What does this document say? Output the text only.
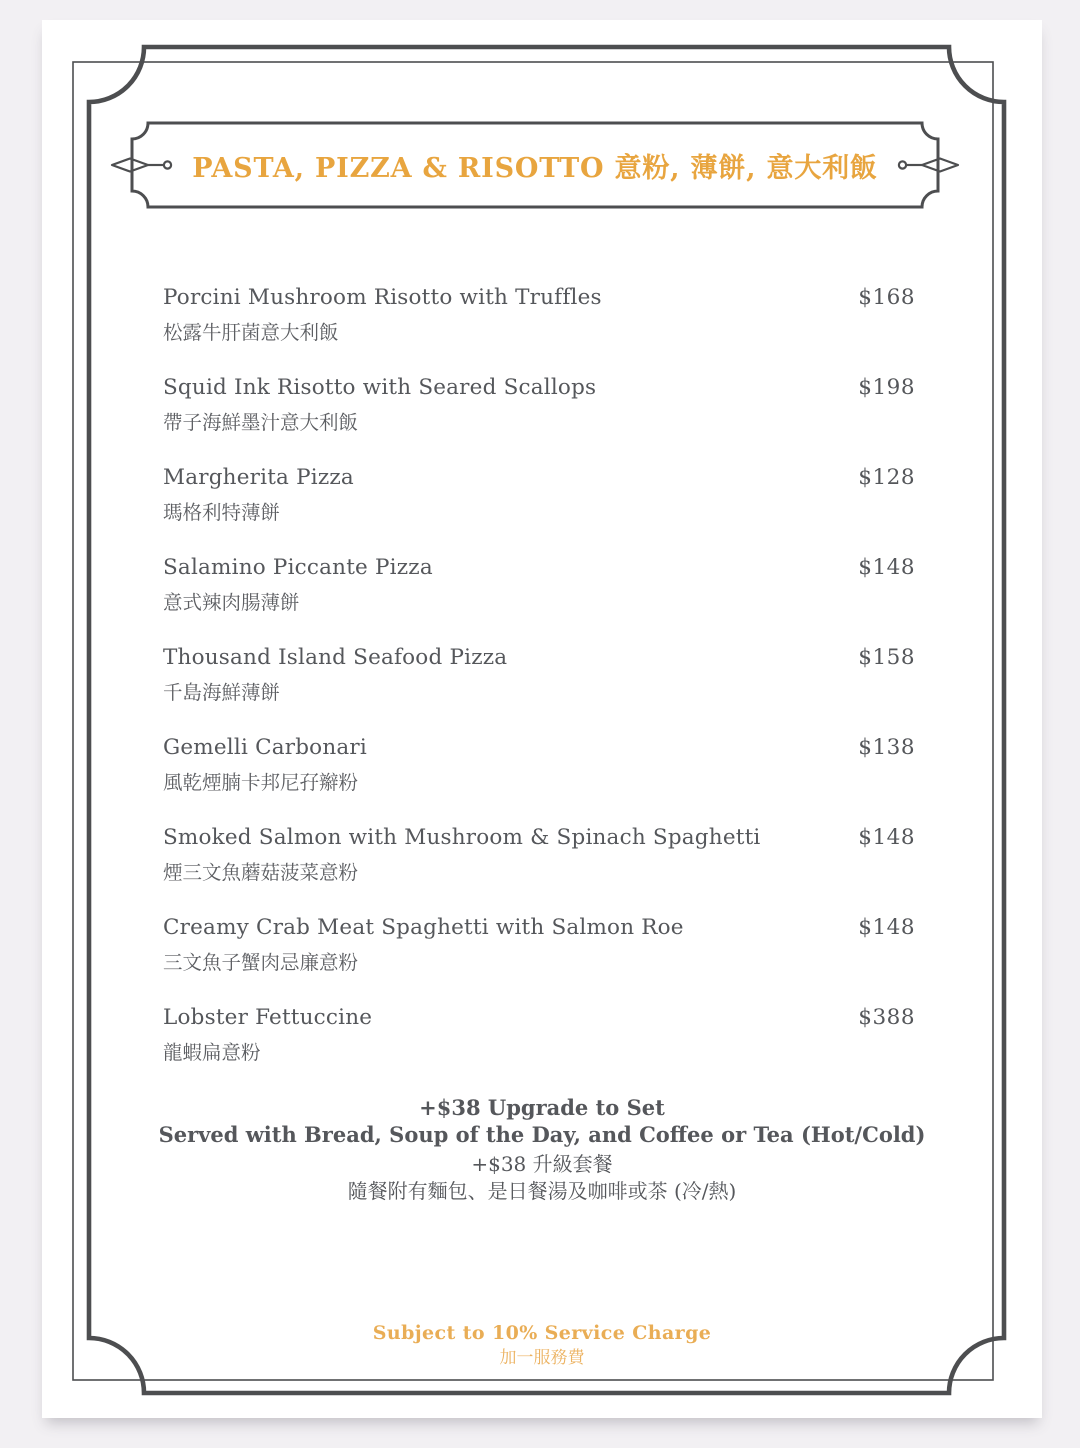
PASTA, PIZZA & RISOTTO 意粉, 薄餅, 意大利飯
Porcini Mushroom Risotto with Truffles	$168
松露牛肝菌意大利飯
Squid Ink Risotto with Seared Scallops	$198
帶子海鮮墨汁意大利飯
Margherita Pizza	$128
瑪格利特薄餅
Salamino Piccante Pizza	$148
意式辣肉腸薄餅
Thousand Island Seafood Pizza	$158
千島海鮮薄餅
Gemelli Carbonari	$138
風乾煙腩卡邦尼孖辮粉
Smoked Salmon with Mushroom & Spinach Spaghetti	$148
煙三文魚蘑菇菠菜意粉
Creamy Crab Meat Spaghetti with Salmon Roe	$148
三文魚子蟹肉忌廉意粉
Lobster Fettuccine	$388
龍蝦扁意粉
+$38 Upgrade to Set
Served with Bread, Soup of the Day, and Coffee or Tea (Hot/Cold)
+$38 升級套餐
隨餐附有麵包、是日餐湯及咖啡或茶 (冷/熱)
Subject to 10% Service Charge
加一服務費
